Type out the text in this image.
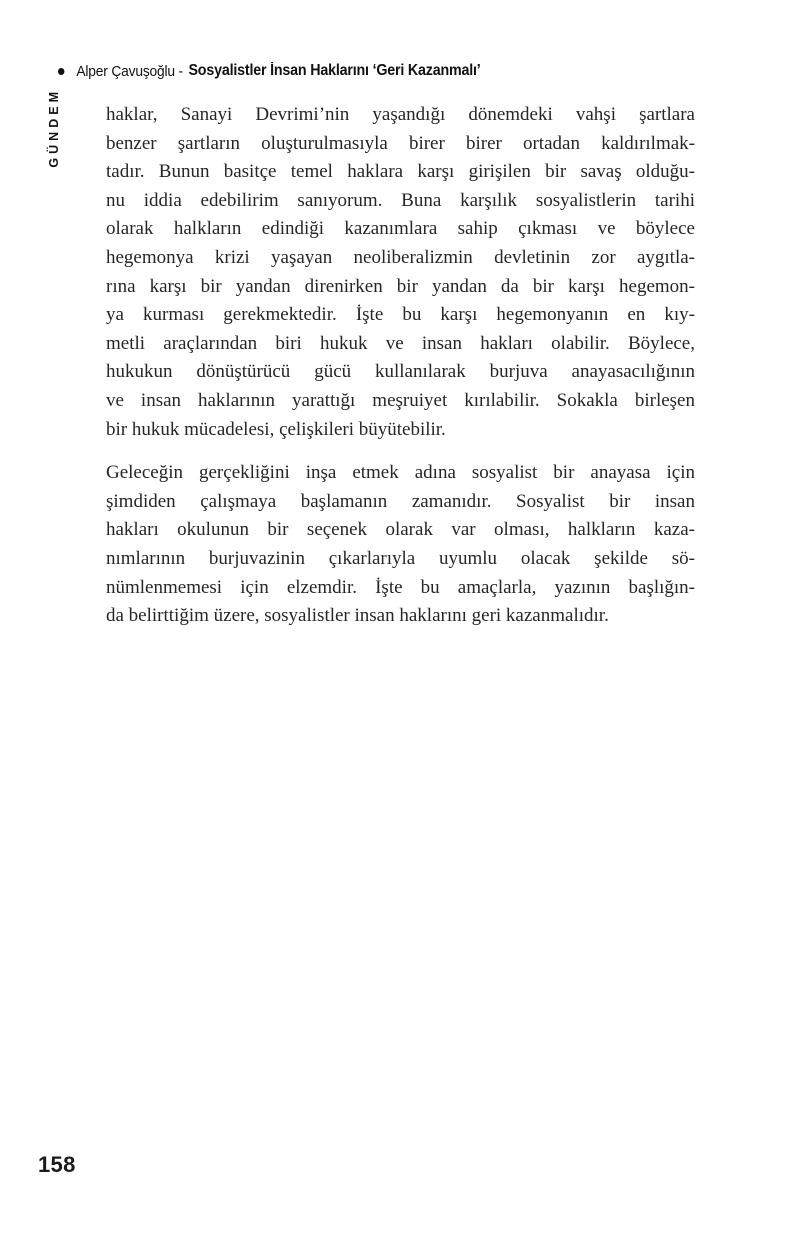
Alper Çavuşoğlu - Sosyalistler İnsan Haklarını ‘Geri Kazanmalı’
GÜNDEM haklar, Sanayi Devrimi’nin yaşandığı dönemdeki vahşi şartlara
benzer şartların oluşturulmasıyla birer birer ortadan kaldırılmak-
tadır. Bunun basitçe temel haklara karşı girişilen bir savaş olduğu-
nu iddia edebilirim sanıyorum. Buna karşılık sosyalistlerin tarihi
olarak halkların edindiği kazanımlara sahip çıkması ve böylece
hegemonya krizi yaşayan neoliberalizmin devletinin zor aygıtla-
rına karşı bir yandan direnirken bir yandan da bir karşı hegemon-
ya kurması gerekmektedir. İşte bu karşı hegemonyanın en kıy-
metli araçlarından biri hukuk ve insan hakları olabilir. Böylece,
hukukun dönüştürücü gücü kullanılarak burjuva anayasacılığının
ve insan haklarının yarattığı meşruiyet kırılabilir. Sokakla birleşen
bir hukuk mücadelesi, çelişkileri büyütebilir.
Geleceğin gerçekliğini inşa etmek adına sosyalist bir anayasa için
şimdiden çalışmaya başlamanın zamanıdır. Sosyalist bir insan
hakları okulunun bir seçenek olarak var olması, halkların kaza-
nımlarının burjuvazinin çıkarlarıyla uyumlu olacak şekilde sö-
nümlenmemesi için elzemdir. İşte bu amaçlarla, yazının başlığın-
da belirttiğim üzere, sosyalistler insan haklarını geri kazanmalıdır.
158
